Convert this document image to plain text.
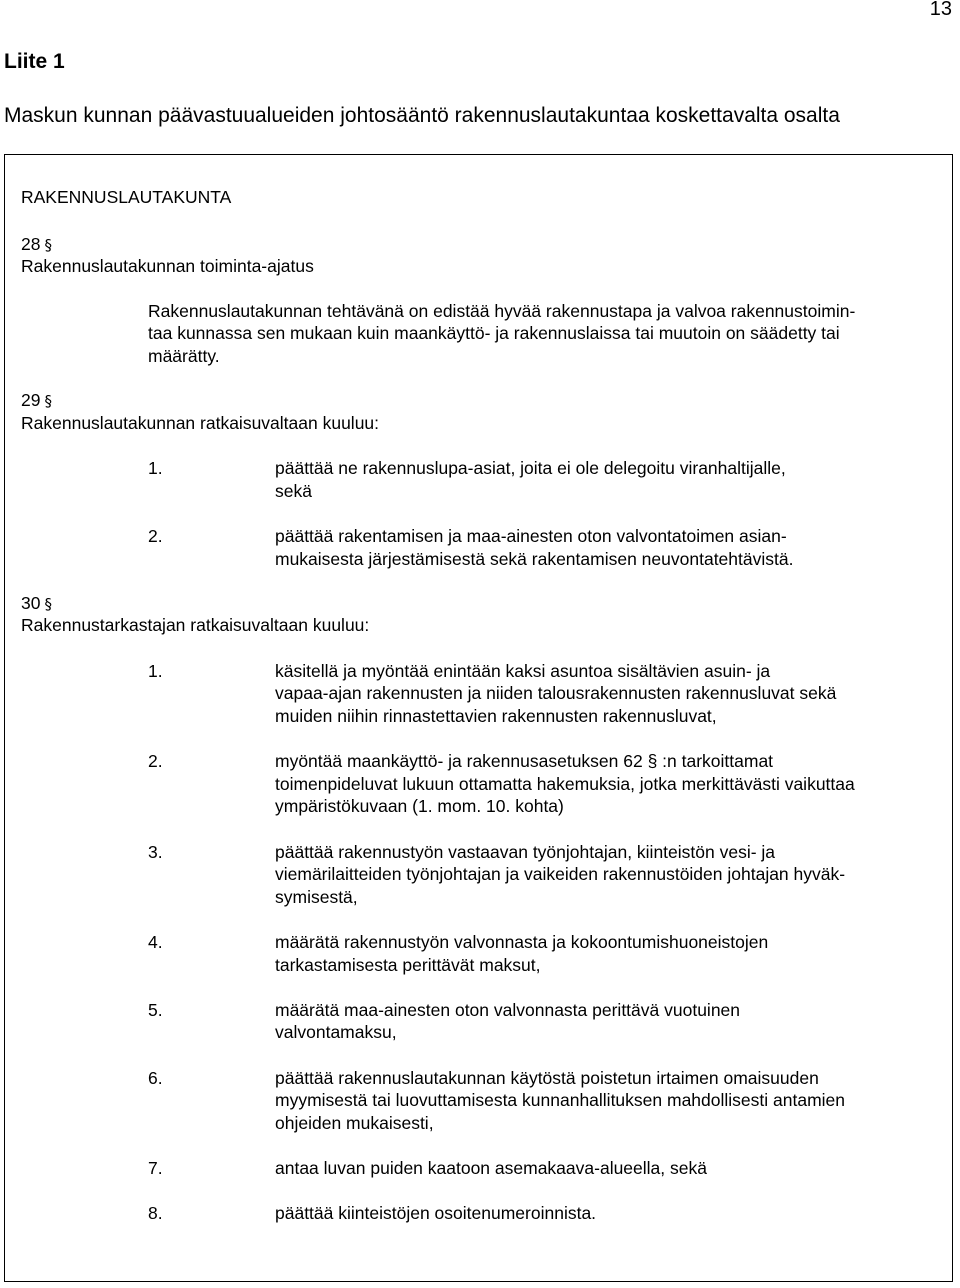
13
Liite 1
Maskun kunnan päävastuualueiden johtosääntö rakennuslautakuntaa koskettavalta osalta
RAKENNUSLAUTAKUNTA
28 §
Rakennuslautakunnan toiminta-ajatus
Rakennuslautakunnan tehtävänä on edistää hyvää rakennustapa ja valvoa rakennustoimin-
taa kunnassa sen mukaan kuin maankäyttö- ja rakennuslaissa tai muutoin on säädetty tai
määrätty.
29 §
Rakennuslautakunnan ratkaisuvaltaan kuuluu:
1.	päättää ne rakennuslupa-asiat, joita ei ole delegoitu viranhaltijalle,
sekä
2.	päättää rakentamisen ja maa-ainesten oton valvontatoimen asian-
mukaisesta järjestämisestä sekä rakentamisen neuvontatehtävistä.
30 §
Rakennustarkastajan ratkaisuvaltaan kuuluu:
1.	käsitellä ja myöntää enintään kaksi asuntoa sisältävien asuin- ja
vapaa-ajan rakennusten ja niiden talousrakennusten rakennusluvat sekä
muiden niihin rinnastettavien rakennusten rakennusluvat,
2.	myöntää maankäyttö- ja rakennusasetuksen 62 § :n tarkoittamat
toimenpideluvat lukuun ottamatta hakemuksia, jotka merkittävästi vaikuttaa
ympäristökuvaan (1. mom. 10. kohta)
3.	päättää rakennustyön vastaavan työnjohtajan, kiinteistön vesi- ja
viemärilaitteiden työnjohtajan ja vaikeiden rakennustöiden johtajan hyväk-
symisestä,
4.	määrätä rakennustyön valvonnasta ja kokoontumishuoneistojen
tarkastamisesta perittävät maksut,
5.	määrätä maa-ainesten oton valvonnasta perittävä vuotuinen
valvontamaksu,
6.	päättää rakennuslautakunnan käytöstä poistetun irtaimen omaisuuden
myymisestä tai luovuttamisesta kunnanhallituksen mahdollisesti antamien
ohjeiden mukaisesti,
7.	antaa luvan puiden kaatoon asemakaava-alueella, sekä
8.	päättää kiinteistöjen osoitenumeroinnista.
